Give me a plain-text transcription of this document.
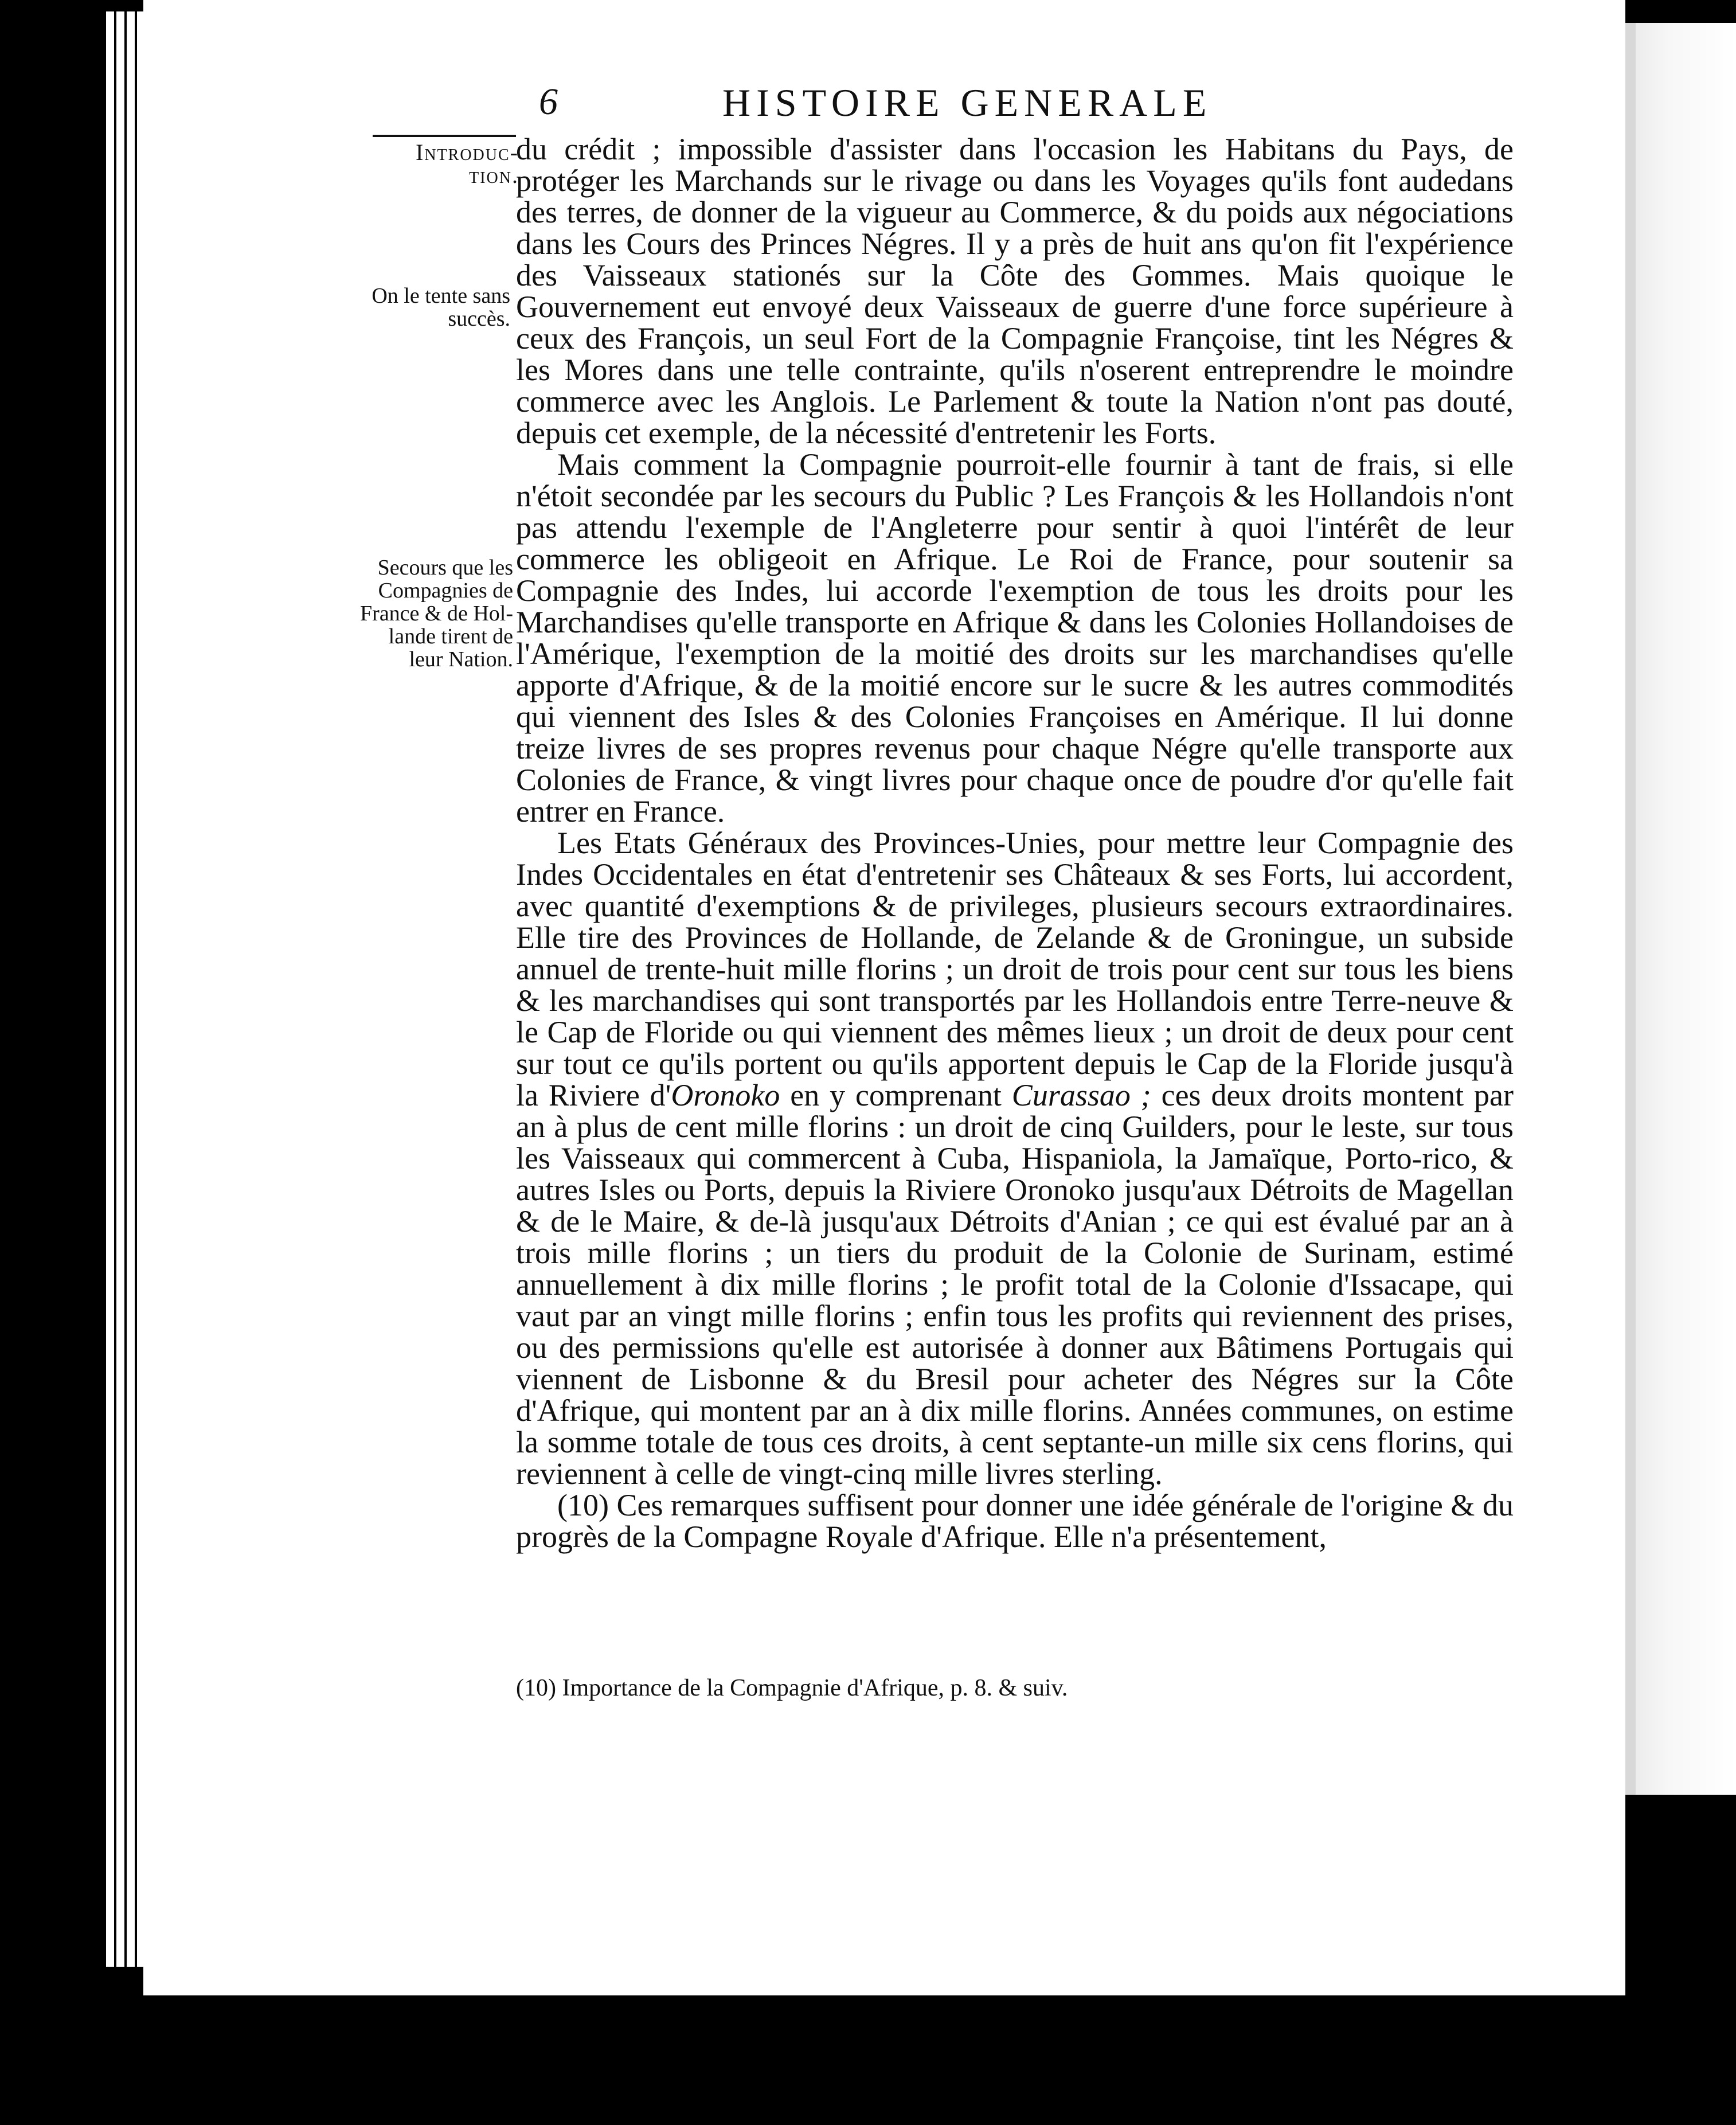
6	HISTOIRE GENERALE
Introduc-
tion.
On le tente sans
succès.
Secours que les
Compagnies de
France & de Hol-
lande tirent de
leur Nation.

du crédit ; impossible d'assister dans l'occasion les Habitans du Pays, de protéger les Marchands sur le rivage ou dans les Voyages qu'ils font audedans des terres, de donner de la vigueur au Commerce, & du poids aux négociations dans les Cours des Princes Négres. Il y a près de huit ans qu'on fit l'expérience des Vaisseaux stationés sur la Côte des Gommes. Mais quoique le Gouvernement eut envoyé deux Vaisseaux de guerre d'une force supérieure à ceux des François, un seul Fort de la Compagnie Françoise, tint les Négres & les Mores dans une telle contrainte, qu'ils n'oserent entreprendre le moindre commerce avec les Anglois. Le Parlement & toute la Nation n'ont pas douté, depuis cet exemple, de la nécessité d'entretenir les Forts.

Mais comment la Compagnie pourroit-elle fournir à tant de frais, si elle n'étoit secondée par les secours du Public ? Les François & les Hollandois n'ont pas attendu l'exemple de l'Angleterre pour sentir à quoi l'intérêt de leur commerce les obligeoit en Afrique. Le Roi de France, pour soutenir sa Compagnie des Indes, lui accorde l'exemption de tous les droits pour les Marchandises qu'elle transporte en Afrique & dans les Colonies Hollandoises de l'Amérique, l'exemption de la moitié des droits sur les marchandises qu'elle apporte d'Afrique, & de la moitié encore sur le sucre & les autres commodités qui viennent des Isles & des Colonies Françoises en Amérique. Il lui donne treize livres de ses propres revenus pour chaque Négre qu'elle transporte aux Colonies de France, & vingt livres pour chaque once de poudre d'or qu'elle fait entrer en France.

Les Etats Généraux des Provinces-Unies, pour mettre leur Compagnie des Indes Occidentales en état d'entretenir ses Châteaux & ses Forts, lui accordent, avec quantité d'exemptions & de privileges, plusieurs secours extraordinaires. Elle tire des Provinces de Hollande, de Zelande & de Groningue, un subside annuel de trente-huit mille florins ; un droit de trois pour cent sur tous les biens & les marchandises qui sont transportés par les Hollandois entre Terre-neuve & le Cap de Floride ou qui viennent des mêmes lieux ; un droit de deux pour cent sur tout ce qu'ils portent ou qu'ils apportent depuis le Cap de la Floride jusqu'à la Riviere d'Oronoko en y comprenant Curassao ; ces deux droits montent par an à plus de cent mille florins : un droit de cinq Guilders, pour le leste, sur tous les Vaisseaux qui commercent à Cuba, Hispaniola, la Jamaïque, Porto-rico, & autres Isles ou Ports, depuis la Riviere Oronoko jusqu'aux Détroits de Magellan & de le Maire, & de-là jusqu'aux Détroits d'Anian ; ce qui est évalué par an à trois mille florins ; un tiers du produit de la Colonie de Surinam, estimé annuellement à dix mille florins ; le profit total de la Colonie d'Issacape, qui vaut par an vingt mille florins ; enfin tous les profits qui reviennent des prises, ou des permissions qu'elle est autorisée à donner aux Bâtimens Portugais qui viennent de Lisbonne & du Bresil pour acheter des Négres sur la Côte d'Afrique, qui montent par an à dix mille florins. Années communes, on estime la somme totale de tous ces droits, à cent septante-un mille six cens florins, qui reviennent à celle de vingt-cinq mille livres sterling.

(10) Ces remarques suffisent pour donner une idée générale de l'origine & du progrès de la Compagne Royale d'Afrique. Elle n'a présentement,

(10) Importance de la Compagnie d'Afrique, p. 8. & suiv.
